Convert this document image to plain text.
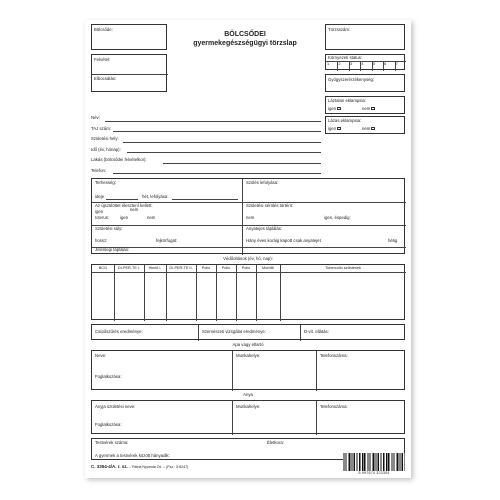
BÖLCSŐDEI
gyermekegészségügyi törzslap
Bölcsőde:
Felvétel:
Elbocsátás:
Törzsszám:
Környezeti status:
1 2 3 4 5 6 7
Gyógyszerérzékenység:
Láztalan eklampsia:
igen	nem
Lázas eklampsia:
igen	nem
Név:
TAJ szám:
Születési hely:
Idő (év, hónap):
Lakás (bölcsődei felvételkor):
Telefon:
Terhesség:
ideje	hét, lefolyása:
Szülés lefolyása:
Az újszülöttet élesztení kellett:
igen	nem
Icterus:	igen	nem
Születési sérülés történt:
nem	igen, éspedig:
Születési súly:
hossz:	fejkörfogat:
Anyatejes táplálás:
Hány éves koráig kapott csak anyatejet	hétig
Jelenlegi táplálás:
Védőoltások (év, hó, nap):
BCG	DI-PER-TE I.	Himlő I.	DI-PER-TE II.	Polio	Polio	Polio	Morbilli	Tuberculin szűntesek
Csípőszűrés eredménye:	Szemészeti vizsgálat eredménye:	D-vit. ellátás:
Apa vagy eltartó
Neve:
Foglalkozása:
Munkahelye:	Telefonszáma:
Anya
Anyja születési neve:
Foglalkozása:
Munkahelye:	Telefonszáma:
Testvérek száma:	Életkora:
A gyermek a testvérek között hányadik:
C. 3354-4/A. r. sz. – Pátria Nyomda Zrt. – (Fsz.: 5.8247)
5 997674 323304
